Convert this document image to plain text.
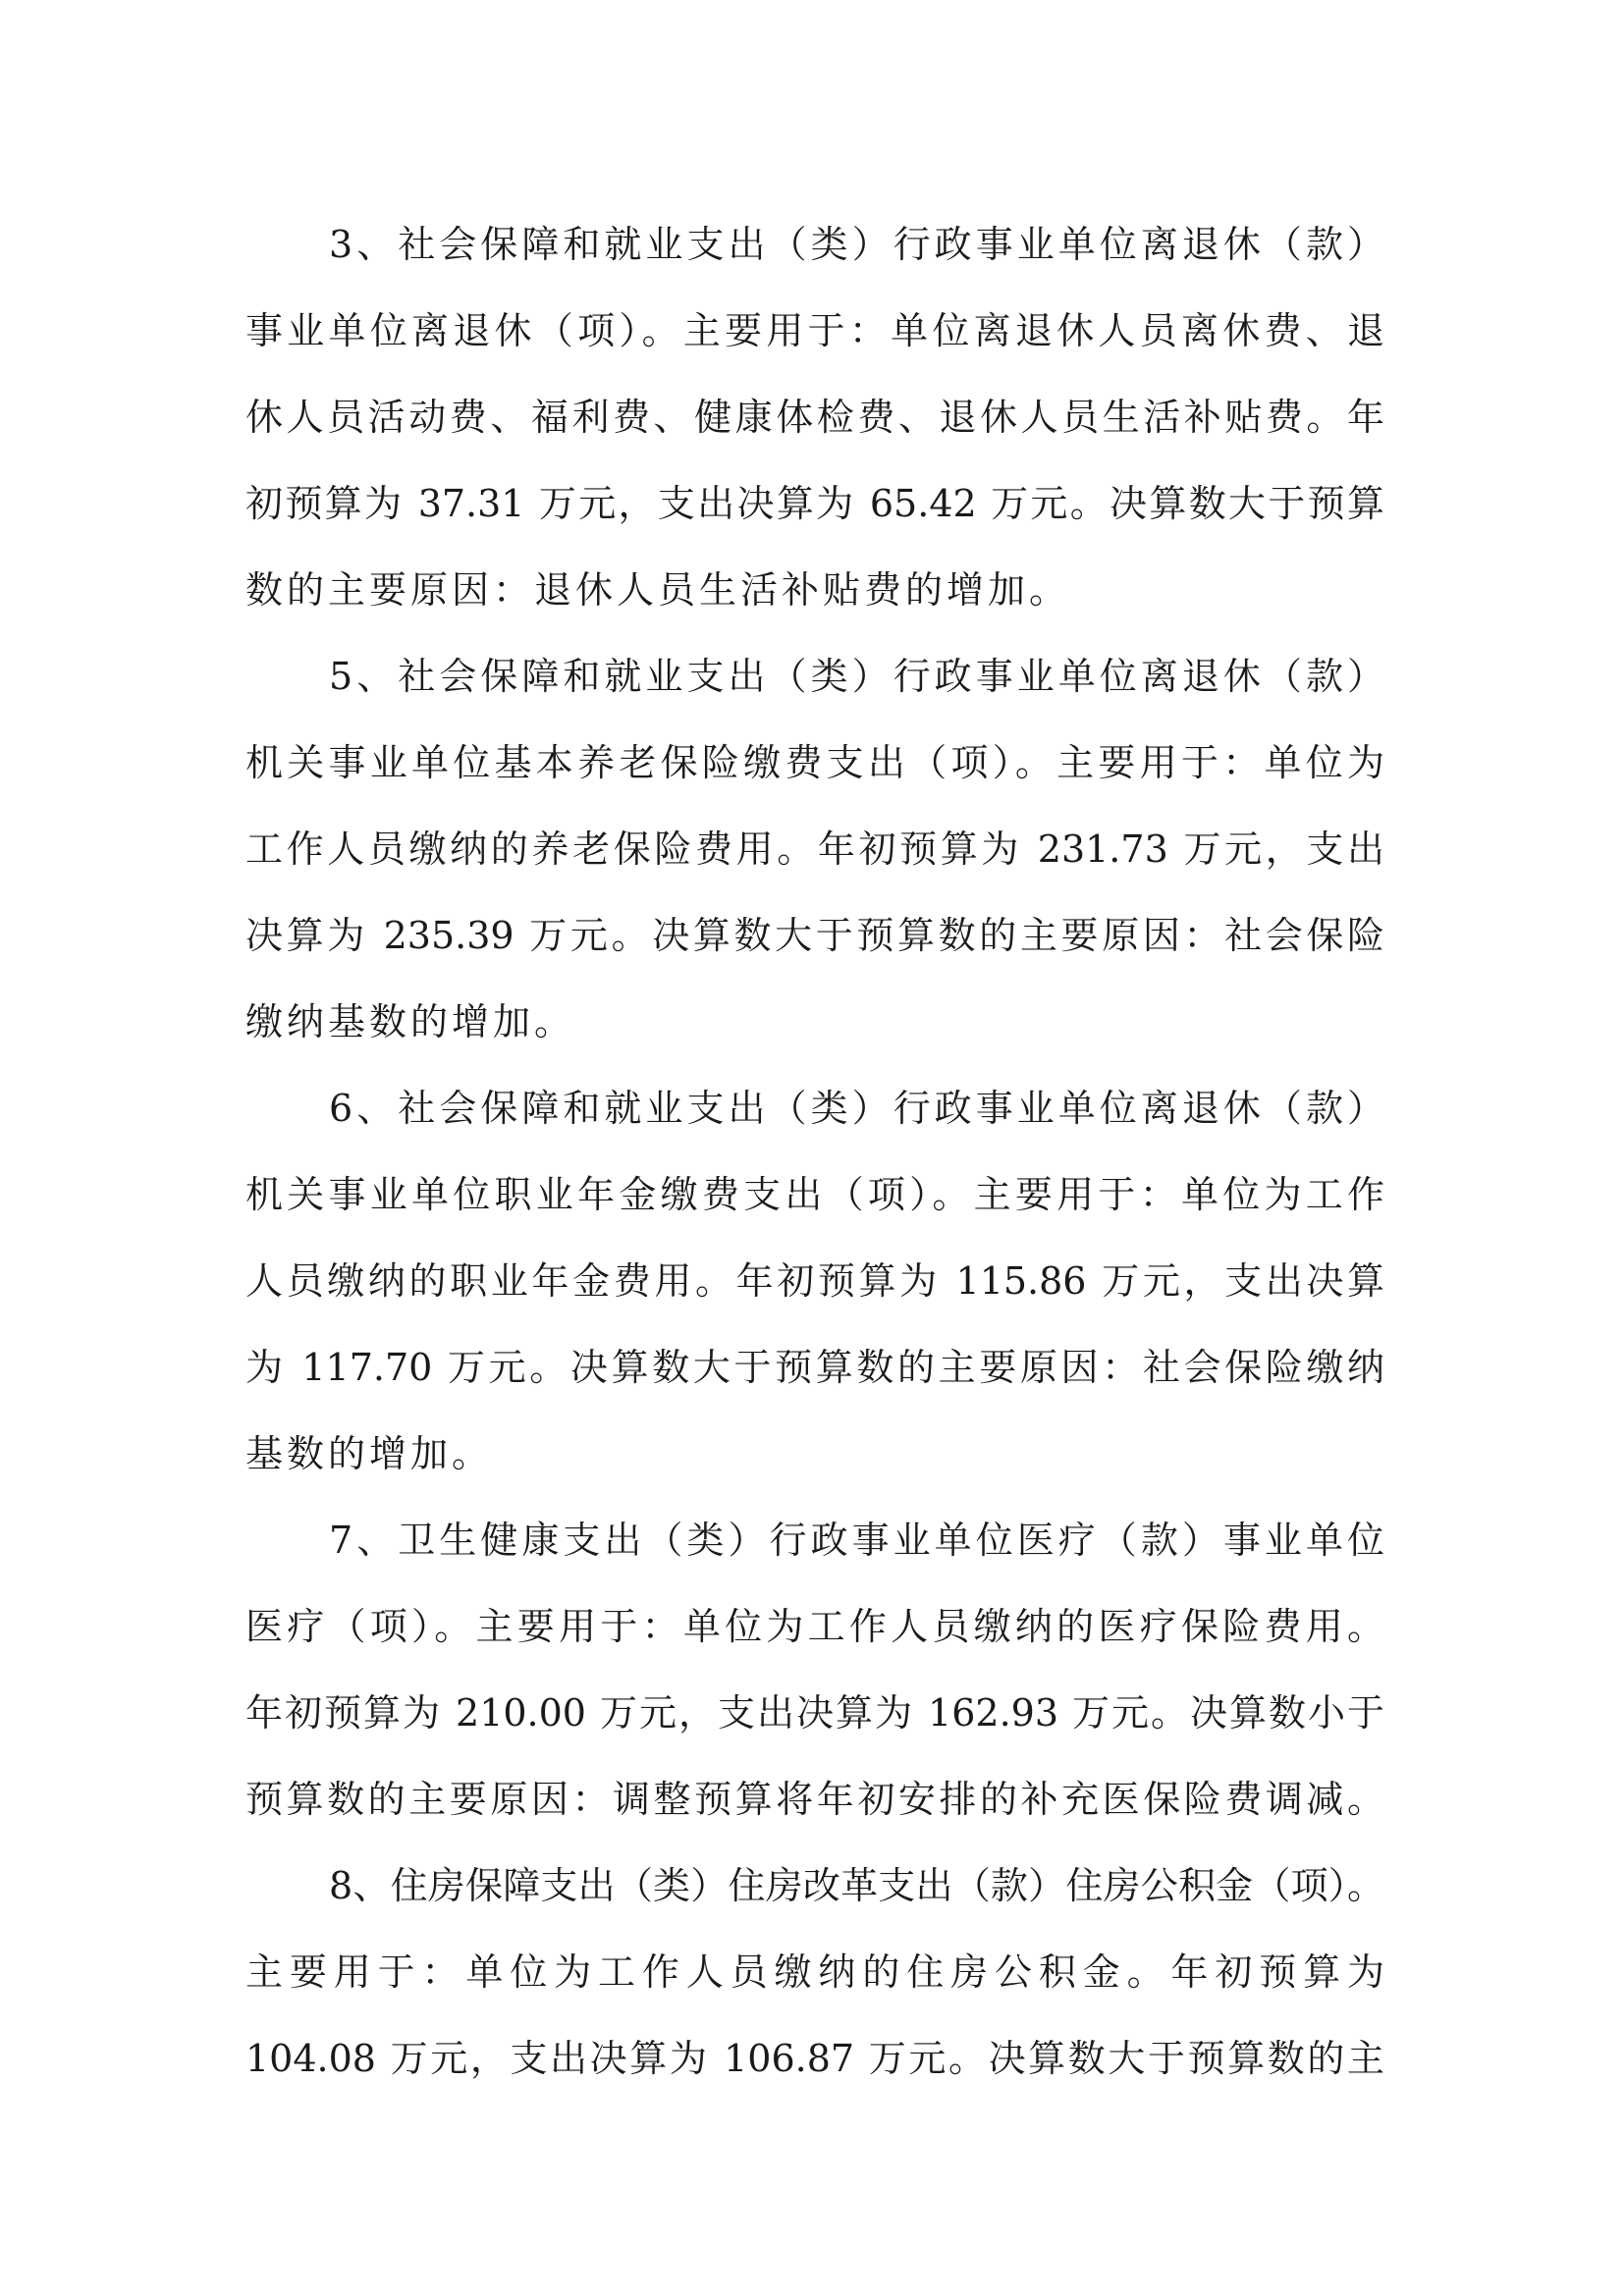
3、社会保障和就业支出（类）行政事业单位离退休（款）
事业单位离退休（项）。主要用于：单位离退休人员离休费、退
休人员活动费、福利费、健康体检费、退休人员生活补贴费。年
初预算为 37.31 万元，支出决算为 65.42 万元。决算数大于预算
数的主要原因：退休人员生活补贴费的增加。
5、社会保障和就业支出（类）行政事业单位离退休（款）
机关事业单位基本养老保险缴费支出（项）。主要用于：单位为
工作人员缴纳的养老保险费用。年初预算为 231.73 万元，支出
决算为 235.39 万元。决算数大于预算数的主要原因：社会保险
缴纳基数的增加。
6、社会保障和就业支出（类）行政事业单位离退休（款）
机关事业单位职业年金缴费支出（项）。主要用于：单位为工作
人员缴纳的职业年金费用。年初预算为 115.86 万元，支出决算
为 117.70 万元。决算数大于预算数的主要原因：社会保险缴纳
基数的增加。
7、卫生健康支出（类）行政事业单位医疗（款）事业单位
医疗（项）。主要用于：单位为工作人员缴纳的医疗保险费用。
年初预算为 210.00 万元，支出决算为 162.93 万元。决算数小于
预算数的主要原因：调整预算将年初安排的补充医保险费调减。
8、住房保障支出（类）住房改革支出（款）住房公积金（项）。
主要用于：单位为工作人员缴纳的住房公积金。年初预算为
104.08 万元，支出决算为 106.87 万元。决算数大于预算数的主
